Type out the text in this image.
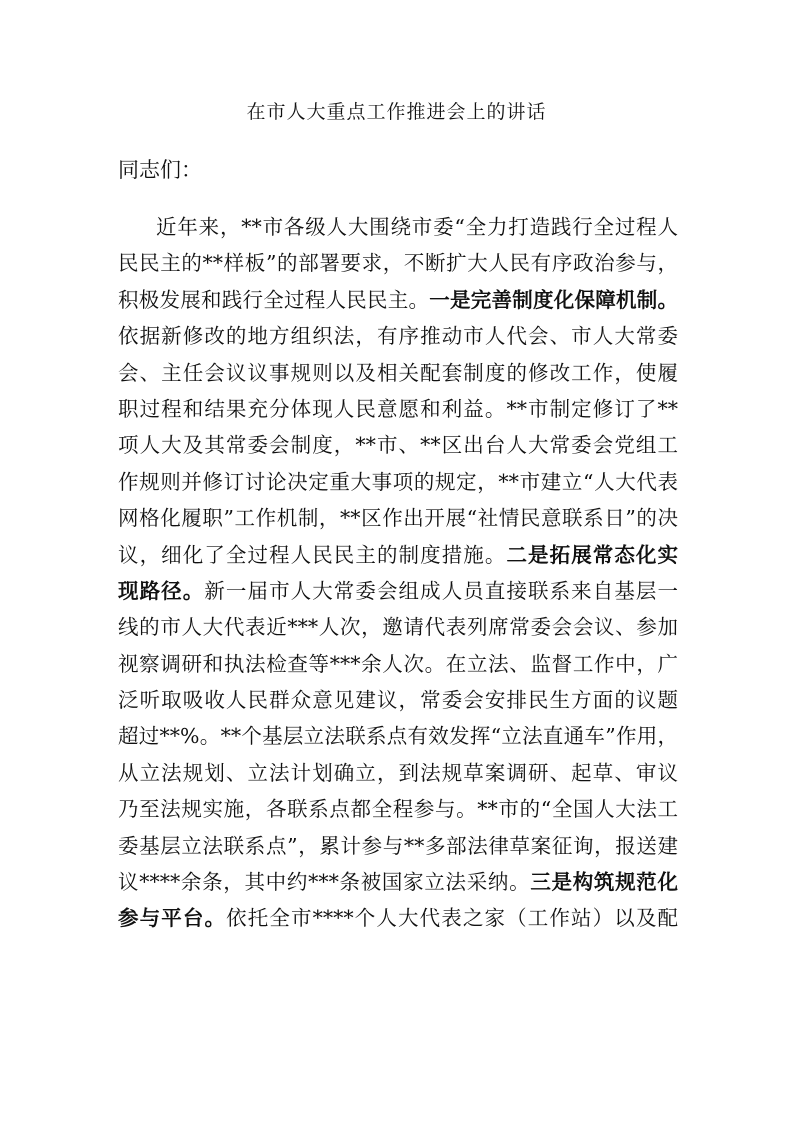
在市人大重点工作推进会上的讲话
同志们：
近年来，**市各级人大围绕市委“全力打造践行全过程人
民民主的**样板”的部署要求，不断扩大人民有序政治参与，
积极发展和践行全过程人民民主。一是完善制度化保障机制。
依据新修改的地方组织法，有序推动市人代会、市人大常委
会、主任会议议事规则以及相关配套制度的修改工作，使履
职过程和结果充分体现人民意愿和利益。**市制定修订了**
项人大及其常委会制度，**市、**区出台人大常委会党组工
作规则并修订讨论决定重大事项的规定，**市建立“人大代表
网格化履职”工作机制，**区作出开展“社情民意联系日”的决
议，细化了全过程人民民主的制度措施。二是拓展常态化实
现路径。新一届市人大常委会组成人员直接联系来自基层一
线的市人大代表近***人次，邀请代表列席常委会会议、参加
视察调研和执法检查等***余人次。在立法、监督工作中，广
泛听取吸收人民群众意见建议，常委会安排民生方面的议题
超过**%。**个基层立法联系点有效发挥“立法直通车”作用，
从立法规划、立法计划确立，到法规草案调研、起草、审议
乃至法规实施，各联系点都全程参与。**市的“全国人大法工
委基层立法联系点”，累计参与**多部法律草案征询，报送建
议****余条，其中约***条被国家立法采纳。三是构筑规范化
参与平台。依托全市****个人大代表之家（工作站）以及配
